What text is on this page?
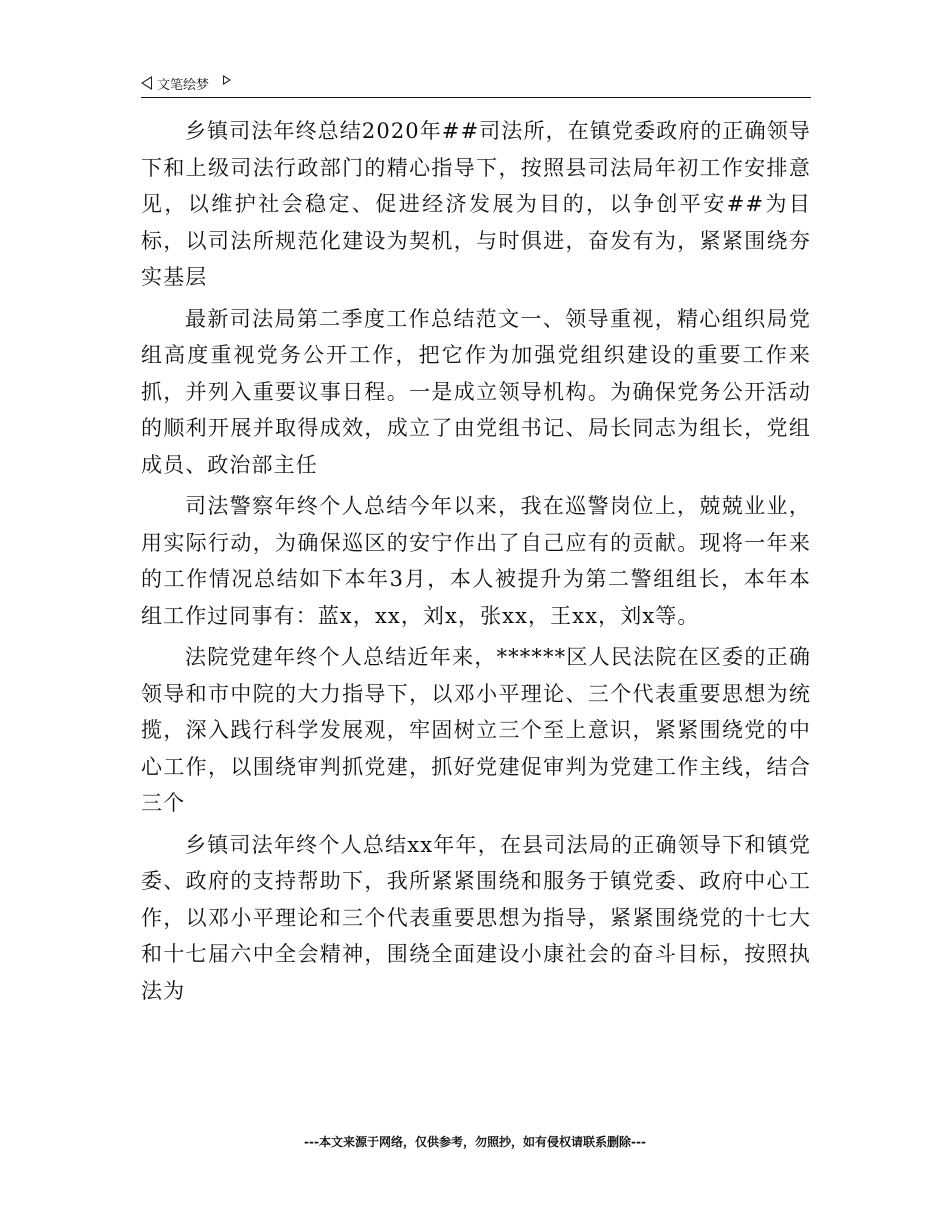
文笔绘梦

乡镇司法年终总结2020年##司法所，在镇党委政府的正确领导下和上级司法行政部门的精心指导下，按照县司法局年初工作安排意见，以维护社会稳定、促进经济发展为目的，以争创平安##为目标，以司法所规范化建设为契机，与时俱进，奋发有为，紧紧围绕夯实基层

最新司法局第二季度工作总结范文一、领导重视，精心组织局党组高度重视党务公开工作，把它作为加强党组织建设的重要工作来抓，并列入重要议事日程。一是成立领导机构。为确保党务公开活动的顺利开展并取得成效，成立了由党组书记、局长同志为组长，党组成员、政治部主任

司法警察年终个人总结今年以来，我在巡警岗位上，兢兢业业，用实际行动，为确保巡区的安宁作出了自己应有的贡献。现将一年来的工作情况总结如下本年3月，本人被提升为第二警组组长，本年本组工作过同事有：蓝x，xx，刘x，张xx，王xx，刘x等。

法院党建年终个人总结近年来，******区人民法院在区委的正确领导和市中院的大力指导下，以邓小平理论、三个代表重要思想为统揽，深入践行科学发展观，牢固树立三个至上意识，紧紧围绕党的中心工作，以围绕审判抓党建，抓好党建促审判为党建工作主线，结合三个

乡镇司法年终个人总结xx年年，在县司法局的正确领导下和镇党委、政府的支持帮助下，我所紧紧围绕和服务于镇党委、政府中心工作，以邓小平理论和三个代表重要思想为指导，紧紧围绕党的十七大和十七届六中全会精神，围绕全面建设小康社会的奋斗目标，按照执法为

---本文来源于网络，仅供参考，勿照抄，如有侵权请联系删除---
